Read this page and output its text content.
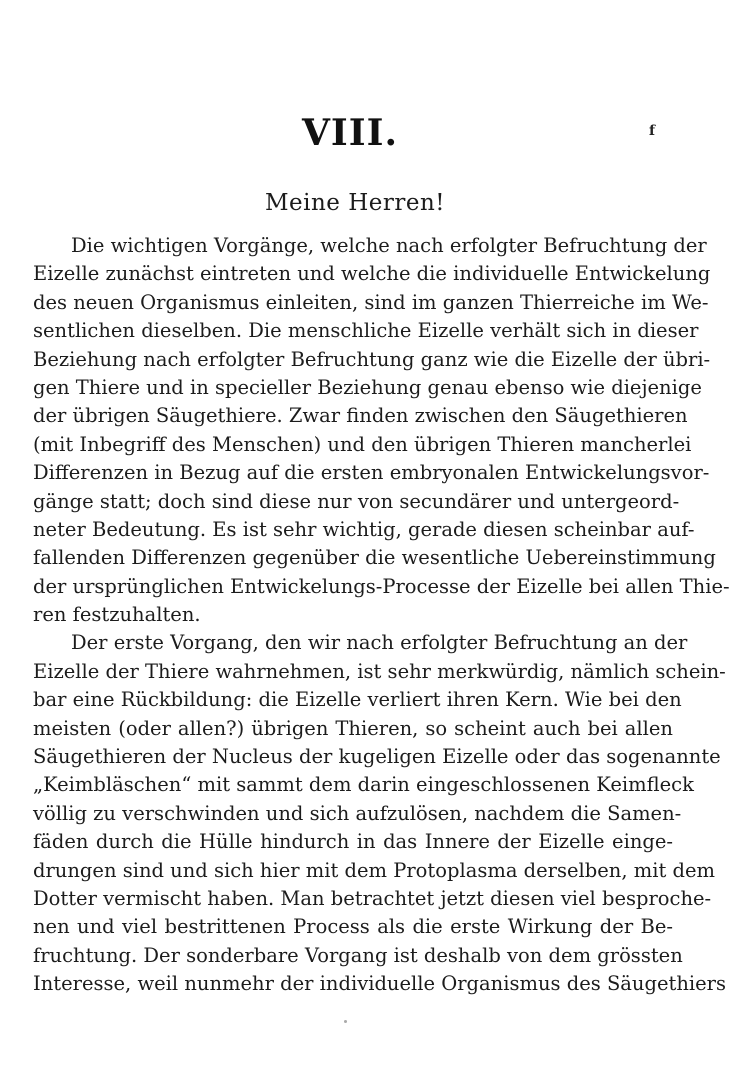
VIII.	f
Meine Herren!
Die wichtigen Vorgänge, welche nach erfolgter Befruchtung der
Eizelle zunächst eintreten und welche die individuelle Entwickelung
des neuen Organismus einleiten, sind im ganzen Thierreiche im We-
sentlichen dieselben. Die menschliche Eizelle verhält sich in dieser
Beziehung nach erfolgter Befruchtung ganz wie die Eizelle der übri-
gen Thiere und in specieller Beziehung genau ebenso wie diejenige
der übrigen Säugethiere. Zwar finden zwischen den Säugethieren
(mit Inbegriff des Menschen) und den übrigen Thieren mancherlei
Differenzen in Bezug auf die ersten embryonalen Entwickelungsvor-
gänge statt; doch sind diese nur von secundärer und untergeord-
neter Bedeutung. Es ist sehr wichtig, gerade diesen scheinbar auf-
fallenden Differenzen gegenüber die wesentliche Uebereinstimmung
der ursprünglichen Entwickelungs-Processe der Eizelle bei allen Thie-
ren festzuhalten.
Der erste Vorgang, den wir nach erfolgter Befruchtung an der
Eizelle der Thiere wahrnehmen, ist sehr merkwürdig, nämlich schein-
bar eine Rückbildung: die Eizelle verliert ihren Kern. Wie bei den
meisten (oder allen?) übrigen Thieren, so scheint auch bei allen
Säugethieren der Nucleus der kugeligen Eizelle oder das sogenannte
„Keimbläschen“ mit sammt dem darin eingeschlossenen Keimfleck
völlig zu verschwinden und sich aufzulösen, nachdem die Samen-
fäden durch die Hülle hindurch in das Innere der Eizelle einge-
drungen sind und sich hier mit dem Protoplasma derselben, mit dem
Dotter vermischt haben. Man betrachtet jetzt diesen viel besproche-
nen und viel bestrittenen Process als die erste Wirkung der Be-
fruchtung. Der sonderbare Vorgang ist deshalb von dem grössten
Interesse, weil nunmehr der individuelle Organismus des Säugethiers
